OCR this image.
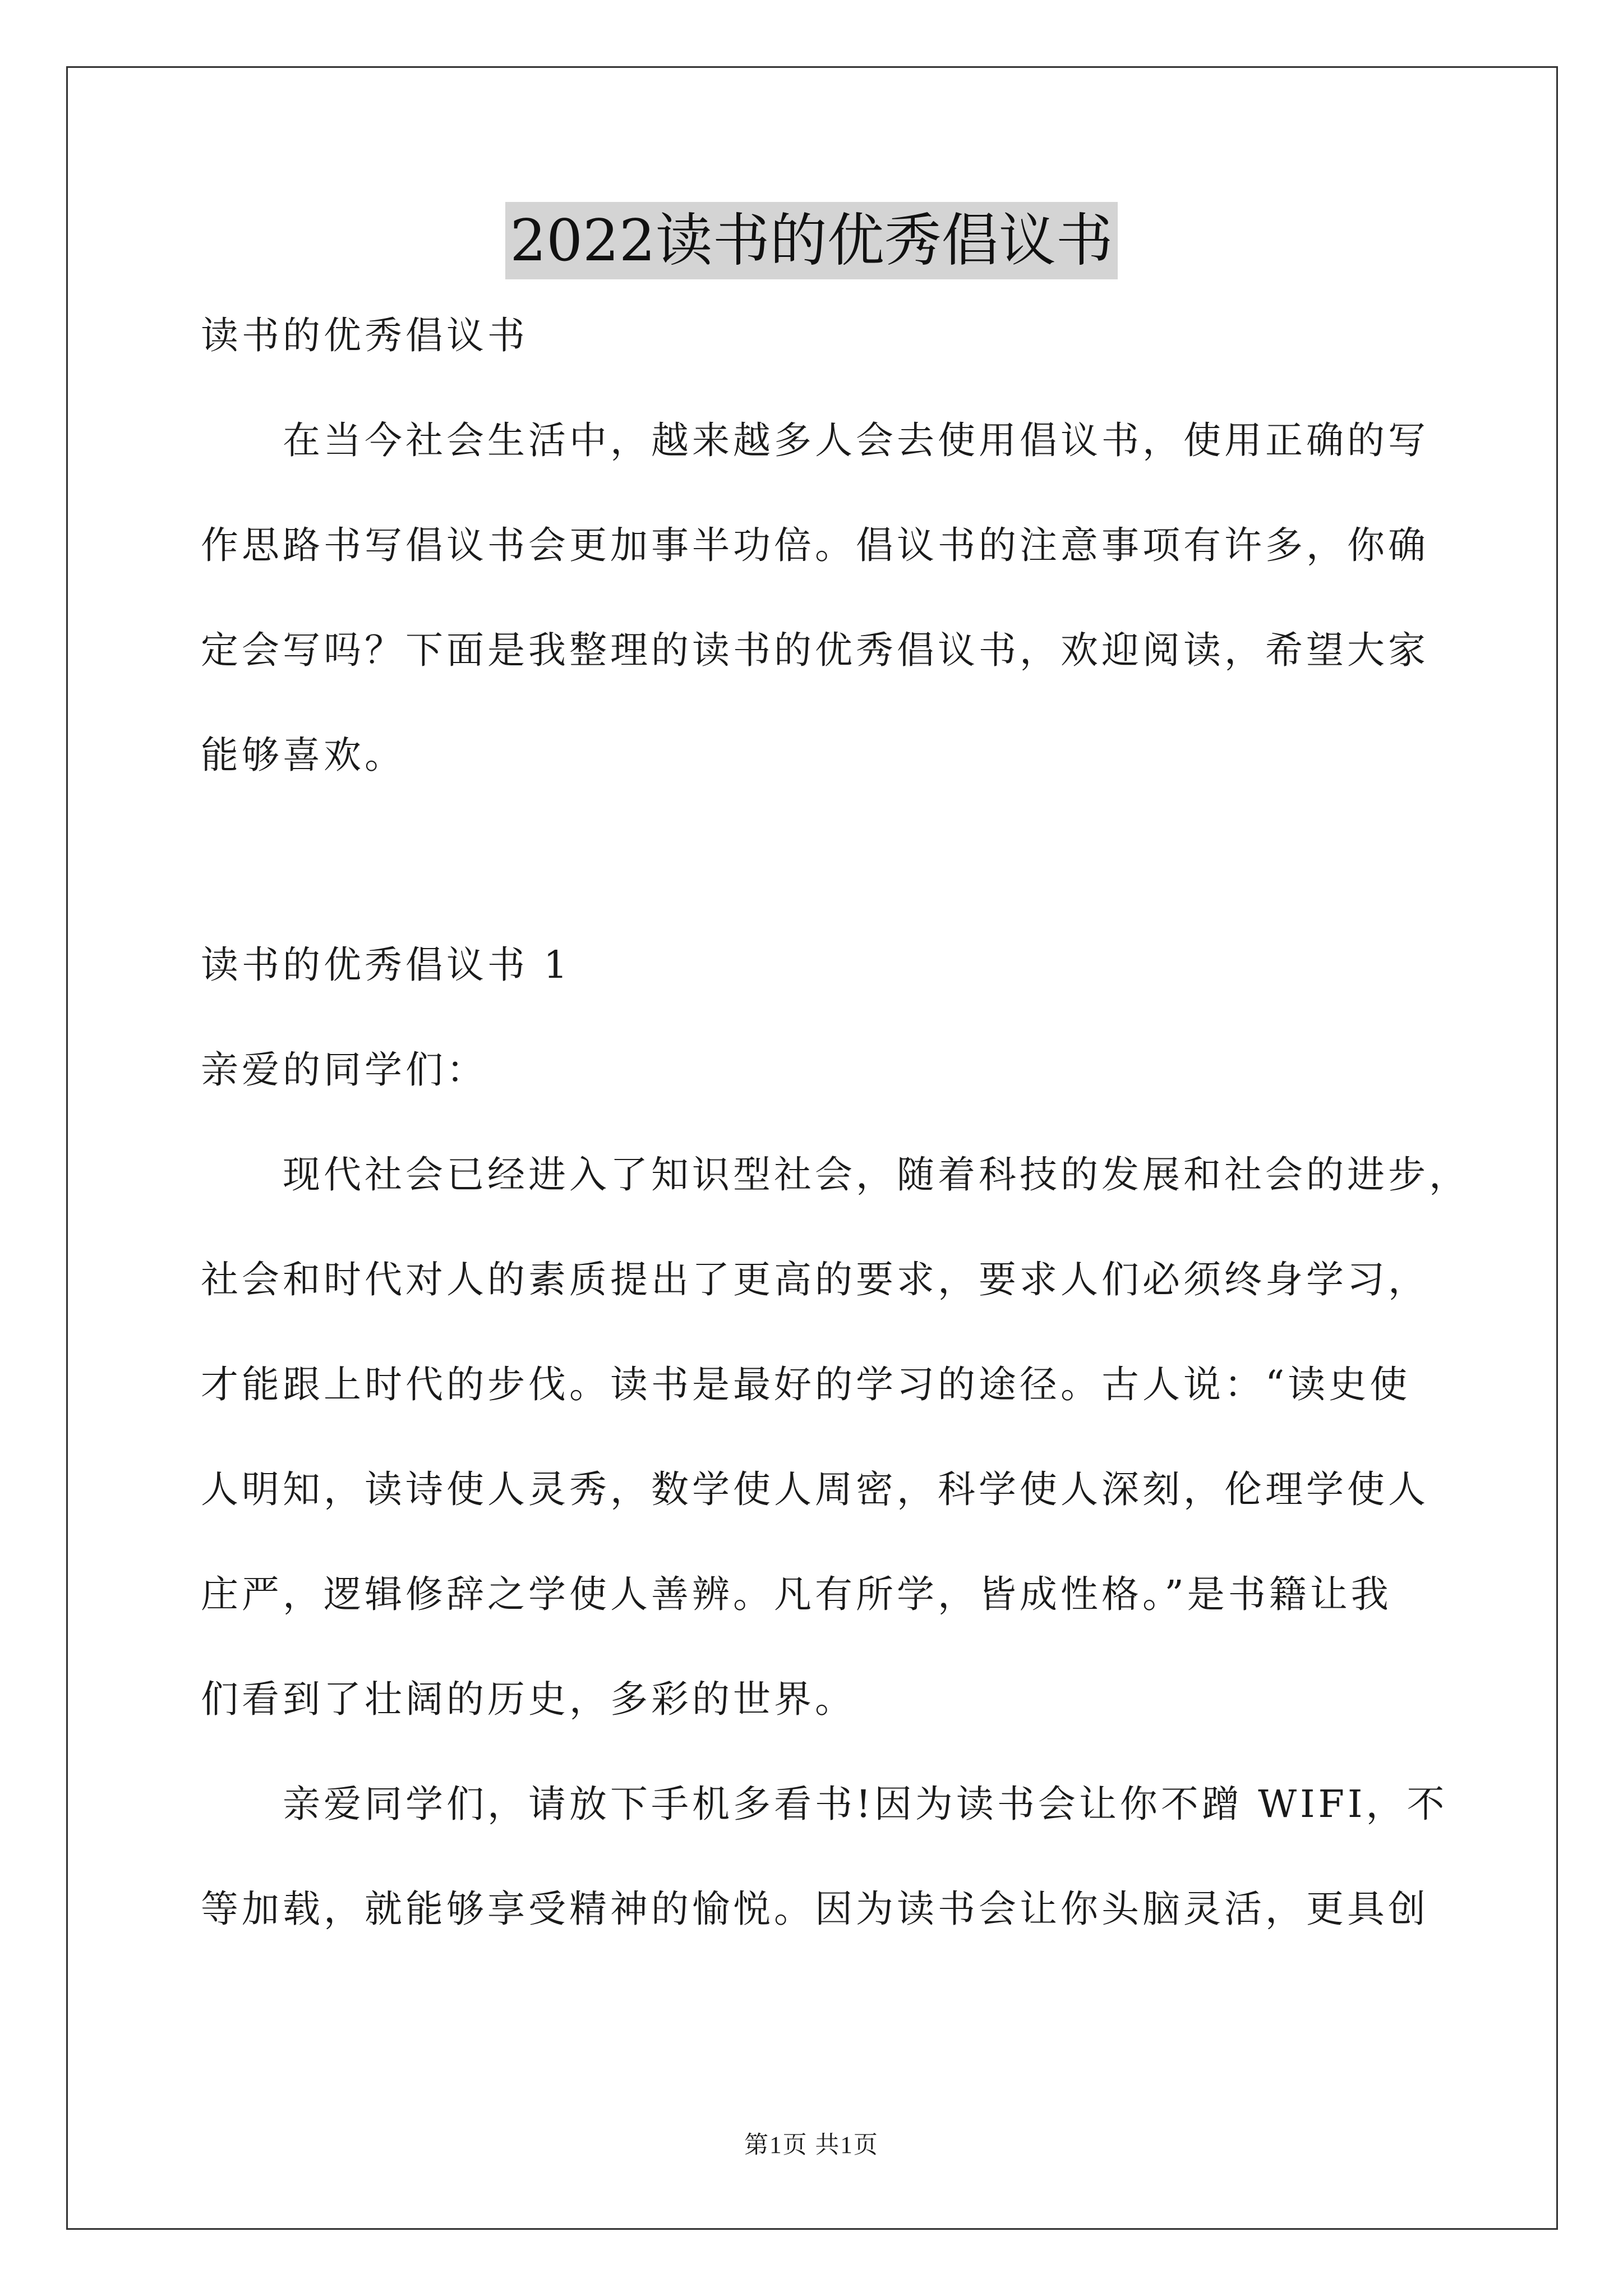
2022读书的优秀倡议书
读书的优秀倡议书
在当今社会生活中，越来越多人会去使用倡议书，使用正确的写
作思路书写倡议书会更加事半功倍。倡议书的注意事项有许多，你确
定会写吗？下面是我整理的读书的优秀倡议书，欢迎阅读，希望大家
能够喜欢。
读书的优秀倡议书 1
亲爱的同学们：
现代社会已经进入了知识型社会，随着科技的发展和社会的进步，
社会和时代对人的素质提出了更高的要求，要求人们必须终身学习，
才能跟上时代的步伐。读书是最好的学习的途径。古人说：“读史使
人明知，读诗使人灵秀，数学使人周密，科学使人深刻，伦理学使人
庄严，逻辑修辞之学使人善辨。凡有所学，皆成性格。”是书籍让我
们看到了壮阔的历史，多彩的世界。
亲爱同学们，请放下手机多看书!因为读书会让你不蹭 WIFI，不
等加载，就能够享受精神的愉悦。因为读书会让你头脑灵活，更具创
第1页 共1页
